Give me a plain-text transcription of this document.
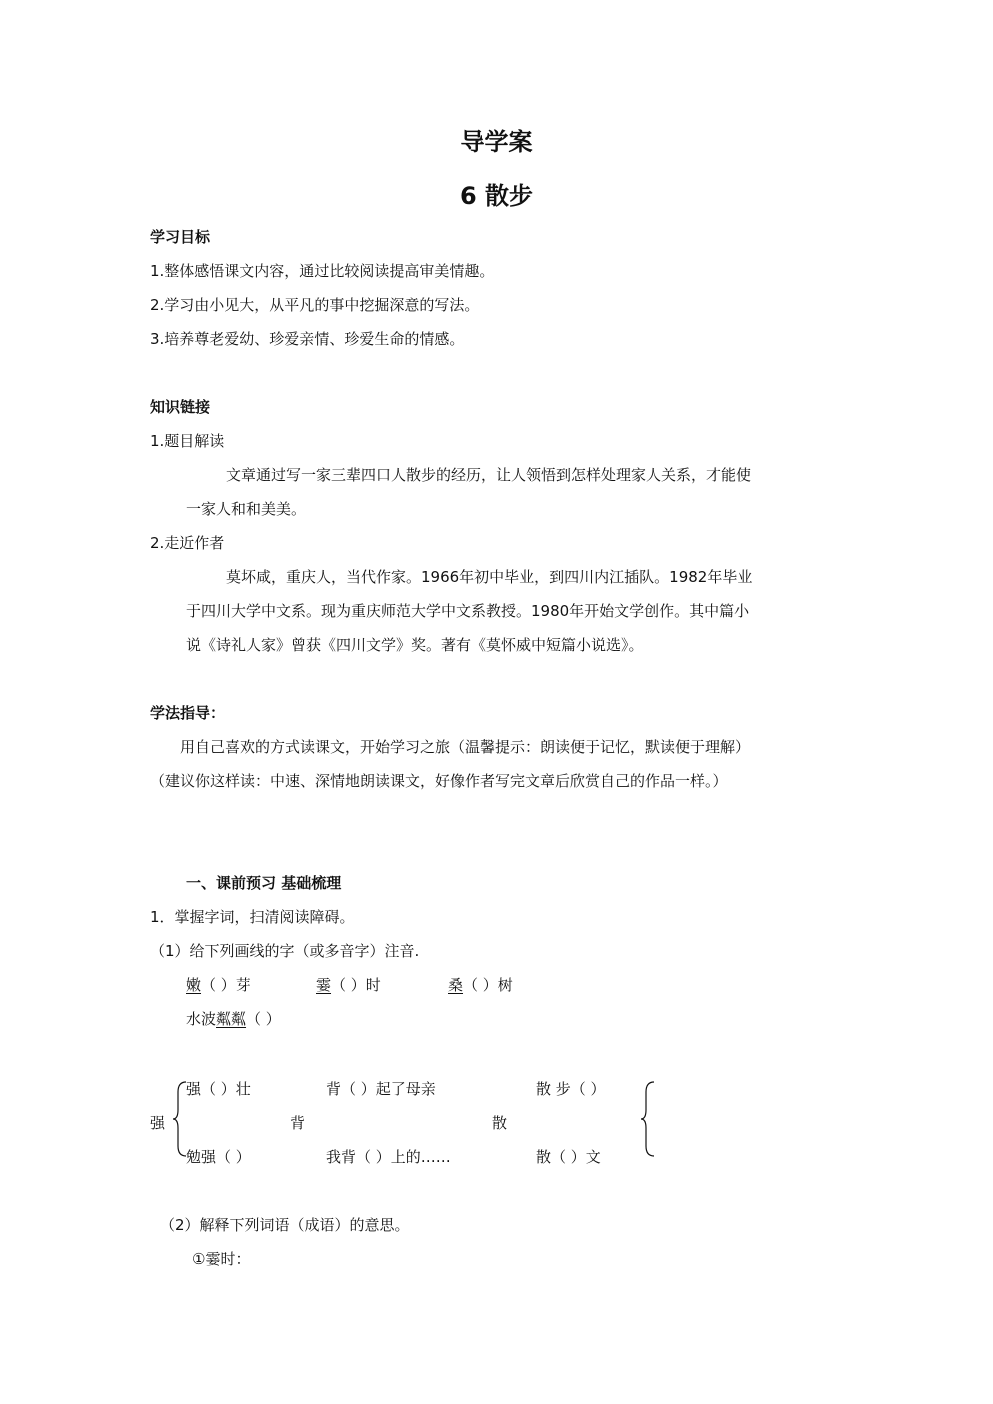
导学案
6 散步
学习目标
1.整体感悟课文内容，通过比较阅读提高审美情趣。
2.学习由小见大，从平凡的事中挖掘深意的写法。
3.培养尊老爱幼、珍爱亲情、珍爱生命的情感。
知识链接
1.题目解读
文章通过写一家三辈四口人散步的经历，让人领悟到怎样处理家人关系，才能使
一家人和和美美。
2.走近作者
莫坏咸，重庆人，当代作家。1966年初中毕业，到四川内江插队。1982年毕业
于四川大学中文系。现为重庆师范大学中文系教授。1980年开始文学创作。其中篇小
说《诗礼人家》曾获《四川文学》奖。著有《莫怀威中短篇小说选》。
学法指导：
用自己喜欢的方式读课文，开始学习之旅（温馨提示：朗读便于记忆，默读便于理解）
（建议你这样读：中速、深情地朗读课文，好像作者写完文章后欣赏自己的作品一样。）
一、课前预习 基础梳理
1．掌握字词，扫清阅读障碍。
（1）给下列画线的字（或多音字）注音.
嫩（ ）芽	霎（ ）时	桑（ ）树
水波粼粼（ ）
强（ ）壮
强
勉强（ ）
背（ ）起了母亲
背
我背（ ）上的……
散 步（ ）
散
散（ ）文
（2）解释下列词语（成语）的意思。
①霎时：
